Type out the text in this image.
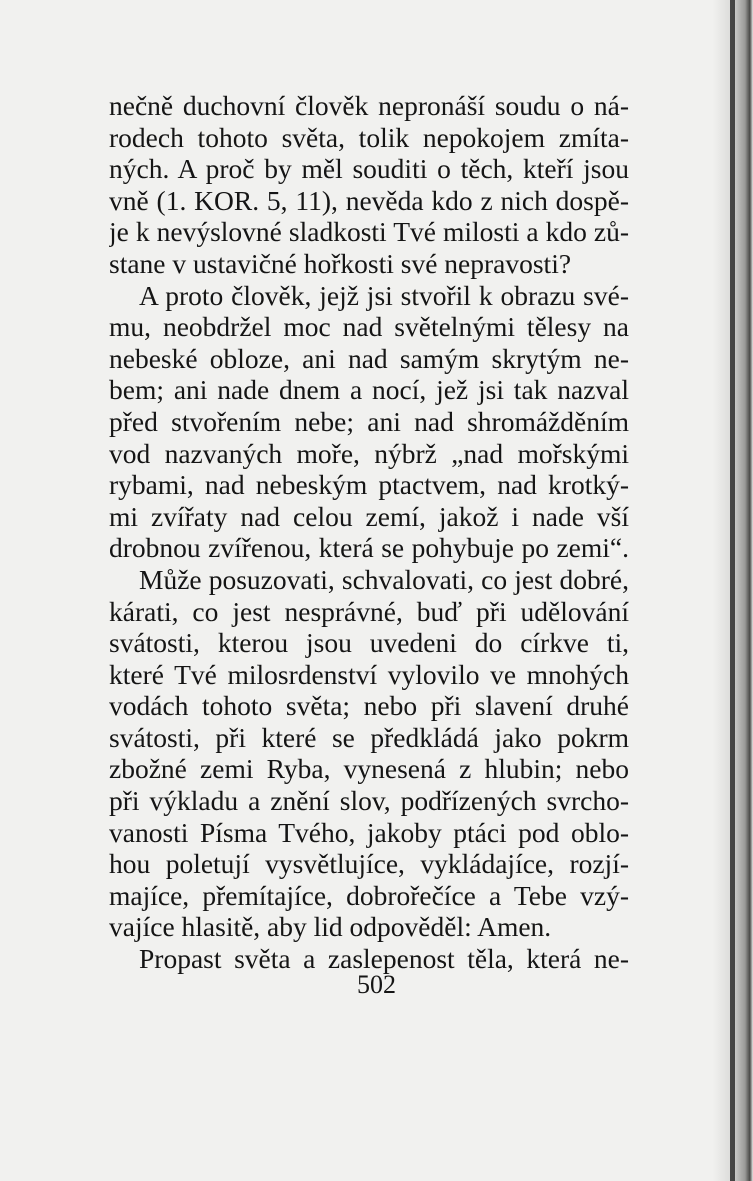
nečně duchovní člověk nepronáší soudu o ná-
rodech tohoto světa, tolik nepokojem zmíta-
ných. A proč by měl souditi o těch, kteří jsou
vně (1. KOR. 5, 11), nevěda kdo z nich dospě-
je k nevýslovné sladkosti Tvé milosti a kdo zů-
stane v ustavičné hořkosti své nepravosti?
A proto člověk, jejž jsi stvořil k obrazu své-
mu, neobdržel moc nad světelnými tělesy na
nebeské obloze, ani nad samým skrytým ne-
bem; ani nade dnem a nocí, jež jsi tak nazval
před stvořením nebe; ani nad shromážděním
vod nazvaných moře, nýbrž „nad mořskými
rybami, nad nebeským ptactvem, nad krotký-
mi zvířaty nad celou zemí, jakož i nade vší
drobnou zvířenou, která se pohybuje po zemi“.
Může posuzovati, schvalovati, co jest dobré,
kárati, co jest nesprávné, buď při udělování
svátosti, kterou jsou uvedeni do církve ti,
které Tvé milosrdenství vylovilo ve mnohých
vodách tohoto světa; nebo při slavení druhé
svátosti, při které se předkládá jako pokrm
zbožné zemi Ryba, vynesená z hlubin; nebo
při výkladu a znění slov, podřízených svrcho-
vanosti Písma Tvého, jakoby ptáci pod oblo-
hou poletují vysvětlujíce, vykládajíce, rozjí-
majíce, přemítajíce, dobrořečíce a Tebe vzý-
vajíce hlasitě, aby lid odpověděl: Amen.
Propast světa a zaslepenost těla, která ne-
502
